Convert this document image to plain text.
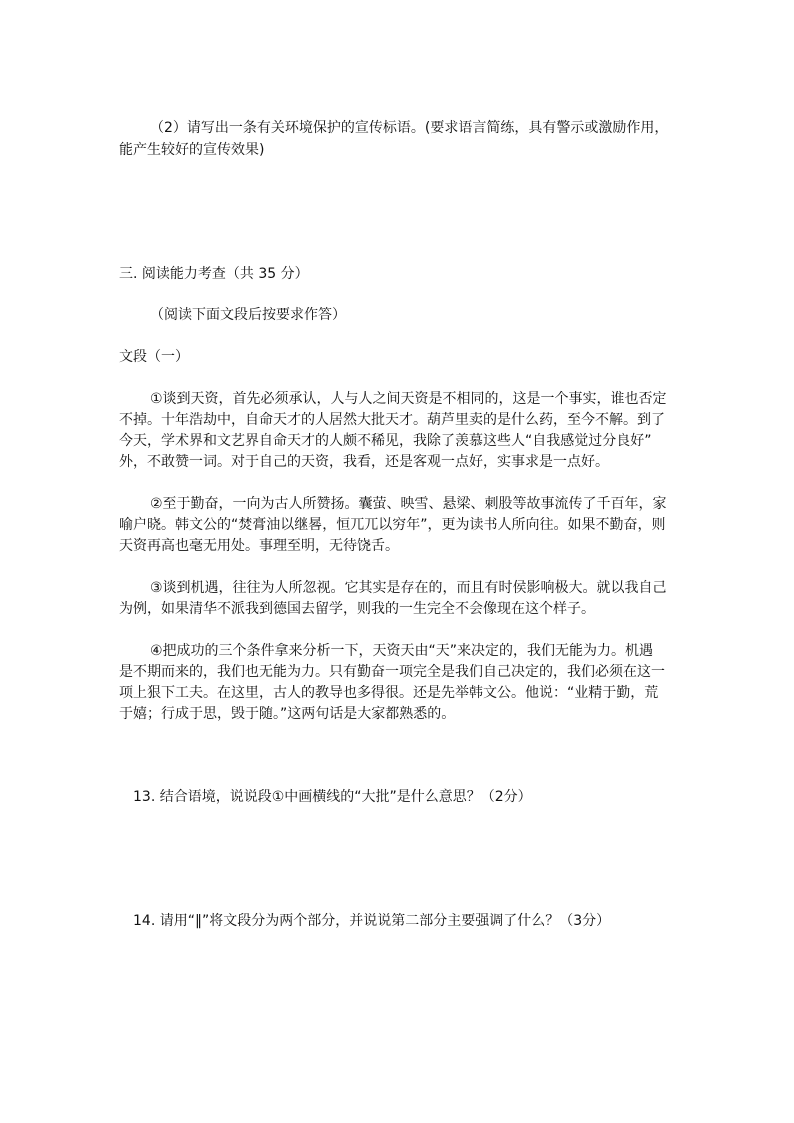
（2）请写出一条有关环境保护的宣传标语。(要求语言简练，具有警示或激励作用，
能产生较好的宣传效果)
三. 阅读能力考查（共 35 分）
（阅读下面文段后按要求作答）
文段（一）
①谈到天资，首先必须承认，人与人之间天资是不相同的，这是一个事实，谁也否定
不掉。十年浩劫中，自命天才的人居然大批天才。葫芦里卖的是什么药，至今不解。到了
今天，学术界和文艺界自命天才的人颇不稀见，我除了羡慕这些人“自我感觉过分良好”
外，不敢赞一词。对于自己的天资，我看，还是客观一点好，实事求是一点好。
②至于勤奋，一向为古人所赞扬。囊萤、映雪、悬梁、刺股等故事流传了千百年，家
喻户晓。韩文公的“焚膏油以继晷，恒兀兀以穷年”，更为读书人所向往。如果不勤奋，则
天资再高也毫无用处。事理至明，无待饶舌。
③谈到机遇，往往为人所忽视。它其实是存在的，而且有时侯影响极大。就以我自己
为例，如果清华不派我到德国去留学，则我的一生完全不会像现在这个样子。
④把成功的三个条件拿来分析一下，天资天由“天”来决定的，我们无能为力。机遇
是不期而来的，我们也无能为力。只有勤奋一项完全是我们自己决定的，我们必须在这一
项上狠下工夫。在这里，古人的教导也多得很。还是先举韩文公。他说：“业精于勤，荒
于嬉；行成于思，毁于随。”这两句话是大家都熟悉的。
13. 结合语境，说说段①中画横线的“大批”是什么意思？（2分）
14. 请用“‖”将文段分为两个部分，并说说第二部分主要强调了什么？（3分）
